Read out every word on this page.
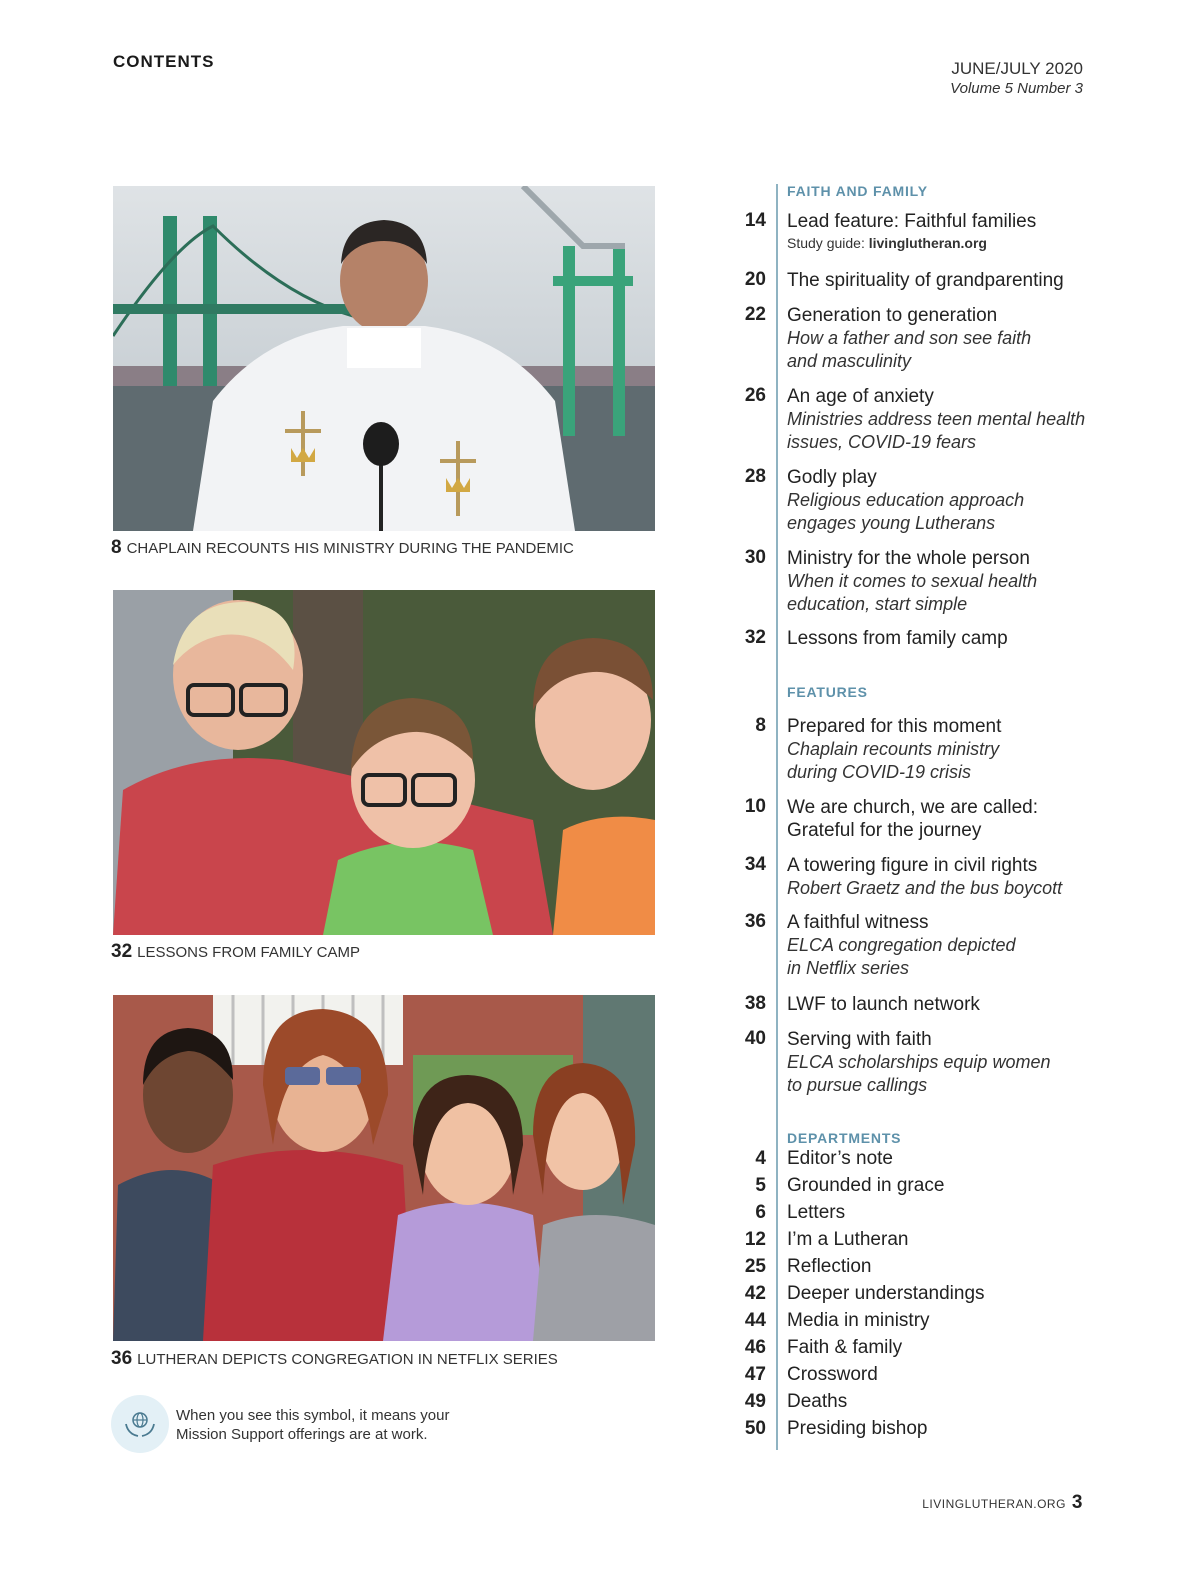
CONTENTS	JUNE/JULY 2020
Volume 5 Number 3
8 CHAPLAIN RECOUNTS HIS MINISTRY DURING THE PANDEMIC
32 LESSONS FROM FAMILY CAMP
36 LUTHERAN DEPICTS CONGREGATION IN NETFLIX SERIES
When you see this symbol, it means your
Mission Support offerings are at work.
FAITH AND FAMILY
14 Lead feature: Faithful families
Study guide: livinglutheran.org
20 The spirituality of grandparenting
22 Generation to generation
How a father and son see faith
and masculinity
26 An age of anxiety
Ministries address teen mental health
issues, COVID-19 fears
28 Godly play
Religious education approach
engages young Lutherans
30 Ministry for the whole person
When it comes to sexual health
education, start simple
32 Lessons from family camp
FEATURES
8 Prepared for this moment
Chaplain recounts ministry
during COVID-19 crisis
10 We are church, we are called:
Grateful for the journey
34 A towering figure in civil rights
Robert Graetz and the bus boycott
36 A faithful witness
ELCA congregation depicted
in Netflix series
38 LWF to launch network
40 Serving with faith
ELCA scholarships equip women
to pursue callings
DEPARTMENTS
4 Editor’s note
5 Grounded in grace
6 Letters
12 I’m a Lutheran
25 Reflection
42 Deeper understandings
44 Media in ministry
46 Faith & family
47 Crossword
49 Deaths
50 Presiding bishop
LIVINGLUTHERAN.ORG 3
